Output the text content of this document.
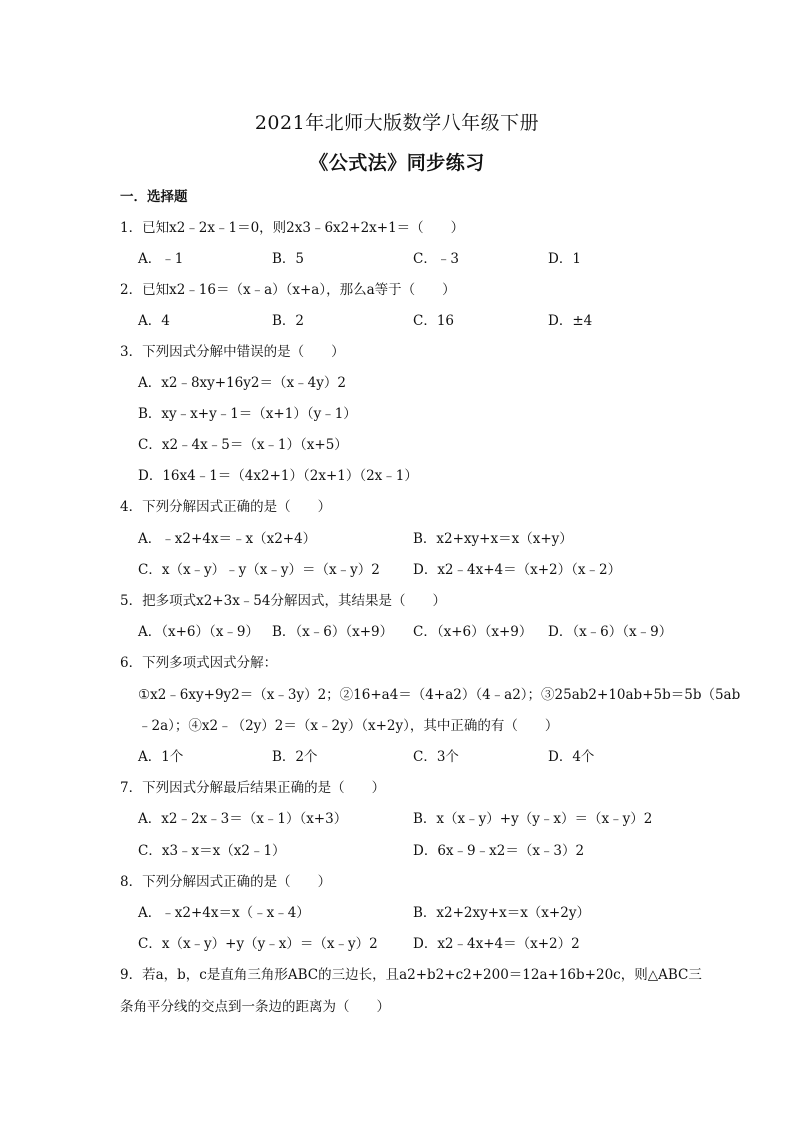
2021年北师大版数学八年级下册
《公式法》同步练习
一．选择题
1．已知x2﹣2x﹣1＝0，则2x3﹣6x2+2x+1＝（　　）
A．﹣1	B．5	C．﹣3	D．1
2．已知x2﹣16＝（x﹣a）（x+a），那么a等于（　　）
A．4	B．2	C．16	D．±4
3．下列因式分解中错误的是（　　）
A．x2﹣8xy+16y2＝（x﹣4y）2
B．xy﹣x+y﹣1＝（x+1）（y﹣1）
C．x2﹣4x﹣5＝（x﹣1）（x+5）
D．16x4﹣1＝（4x2+1）（2x+1）（2x﹣1）
4．下列分解因式正确的是（　　）
A．﹣x2+4x＝﹣x（x2+4）	B．x2+xy+x＝x（x+y）
C．x（x﹣y）﹣y（x﹣y）＝（x﹣y）2 D．x2﹣4x+4＝（x+2）（x﹣2）
5．把多项式x2+3x﹣54分解因式，其结果是（　　）
A．（x+6）（x﹣9） B．（x﹣6）（x+9） C．（x+6）（x+9） D．（x﹣6）（x﹣9）
6．下列多项式因式分解：
①x2﹣6xy+9y2＝（x﹣3y）2；②16+a4＝（4+a2）（4﹣a2）；③25ab2+10ab+5b＝5b（5ab
﹣2a）；④x2﹣（2y）2＝（x﹣2y）（x+2y），其中正确的有（　　）
A．1个	B．2个	C．3个	D．4个
7．下列因式分解最后结果正确的是（　　）
A．x2﹣2x﹣3＝（x﹣1）（x+3）	B．x（x﹣y）+y（y﹣x）＝（x﹣y）2
C．x3﹣x＝x（x2﹣1）	D．6x﹣9﹣x2＝（x﹣3）2
8．下列分解因式正确的是（　　）
A．﹣x2+4x＝x（﹣x﹣4）	B．x2+2xy+x＝x（x+2y）
C．x（x﹣y）+y（y﹣x）＝（x﹣y）2	D．x2﹣4x+4＝（x+2）2
9．若a，b，c是直角三角形ABC的三边长，且a2+b2+c2+200＝12a+16b+20c，则△ABC三
条角平分线的交点到一条边的距离为（　　）
